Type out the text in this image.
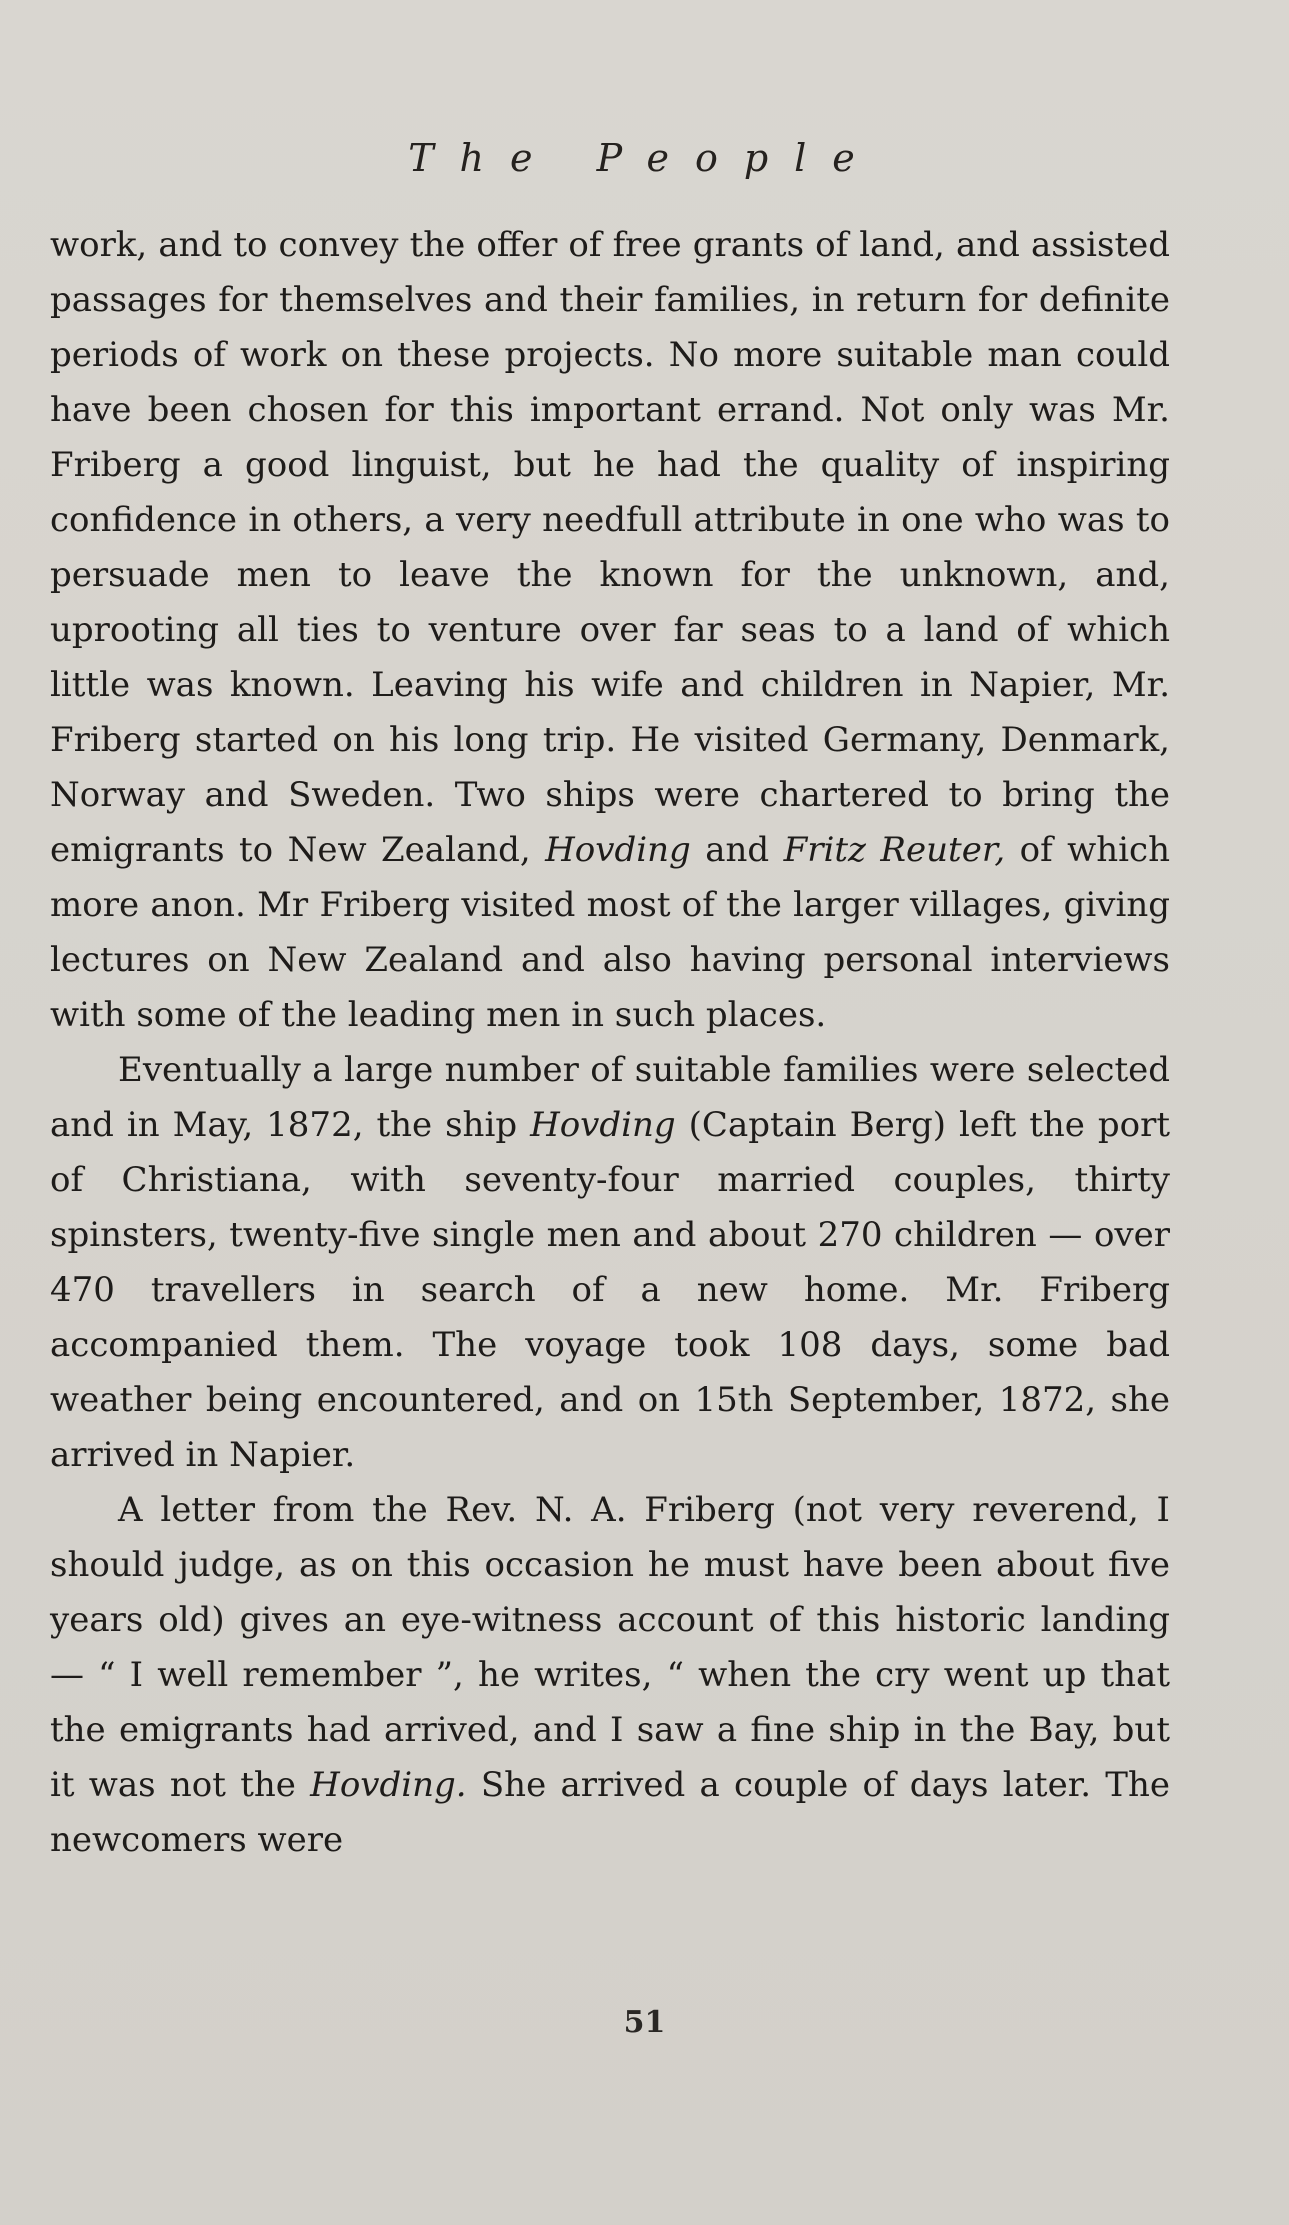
The People

work, and to convey the offer of free grants of land, and assisted passages for themselves and their families, in return for definite periods of work on these projects. No more suitable man could have been chosen for this important errand. Not only was Mr. Friberg a good linguist, but he had the quality of inspiring confidence in others, a very needfull attribute in one who was to persuade men to leave the known for the unknown, and, uprooting all ties to venture over far seas to a land of which little was known. Leaving his wife and children in Napier, Mr. Friberg started on his long trip. He visited Germany, Denmark, Norway and Sweden. Two ships were chartered to bring the emigrants to New Zealand, Hovding and Fritz Reuter, of which more anon. Mr Friberg visited most of the larger villages, giving lectures on New Zealand and also having personal interviews with some of the leading men in such places.

Eventually a large number of suitable families were selected and in May, 1872, the ship Hovding (Captain Berg) left the port of Christiana, with seventy-four married couples, thirty spinsters, twenty-five single men and about 270 children — over 470 travellers in search of a new home. Mr. Friberg accompanied them. The voyage took 108 days, some bad weather being encountered, and on 15th September, 1872, she arrived in Napier.

A letter from the Rev. N. A. Friberg (not very reverend, I should judge, as on this occasion he must have been about five years old) gives an eye-witness account of this historic landing — “ I well remember ”, he writes, “ when the cry went up that the emigrants had arrived, and I saw a fine ship in the Bay, but it was not the Hovding. She arrived a couple of days later. The newcomers were

51
